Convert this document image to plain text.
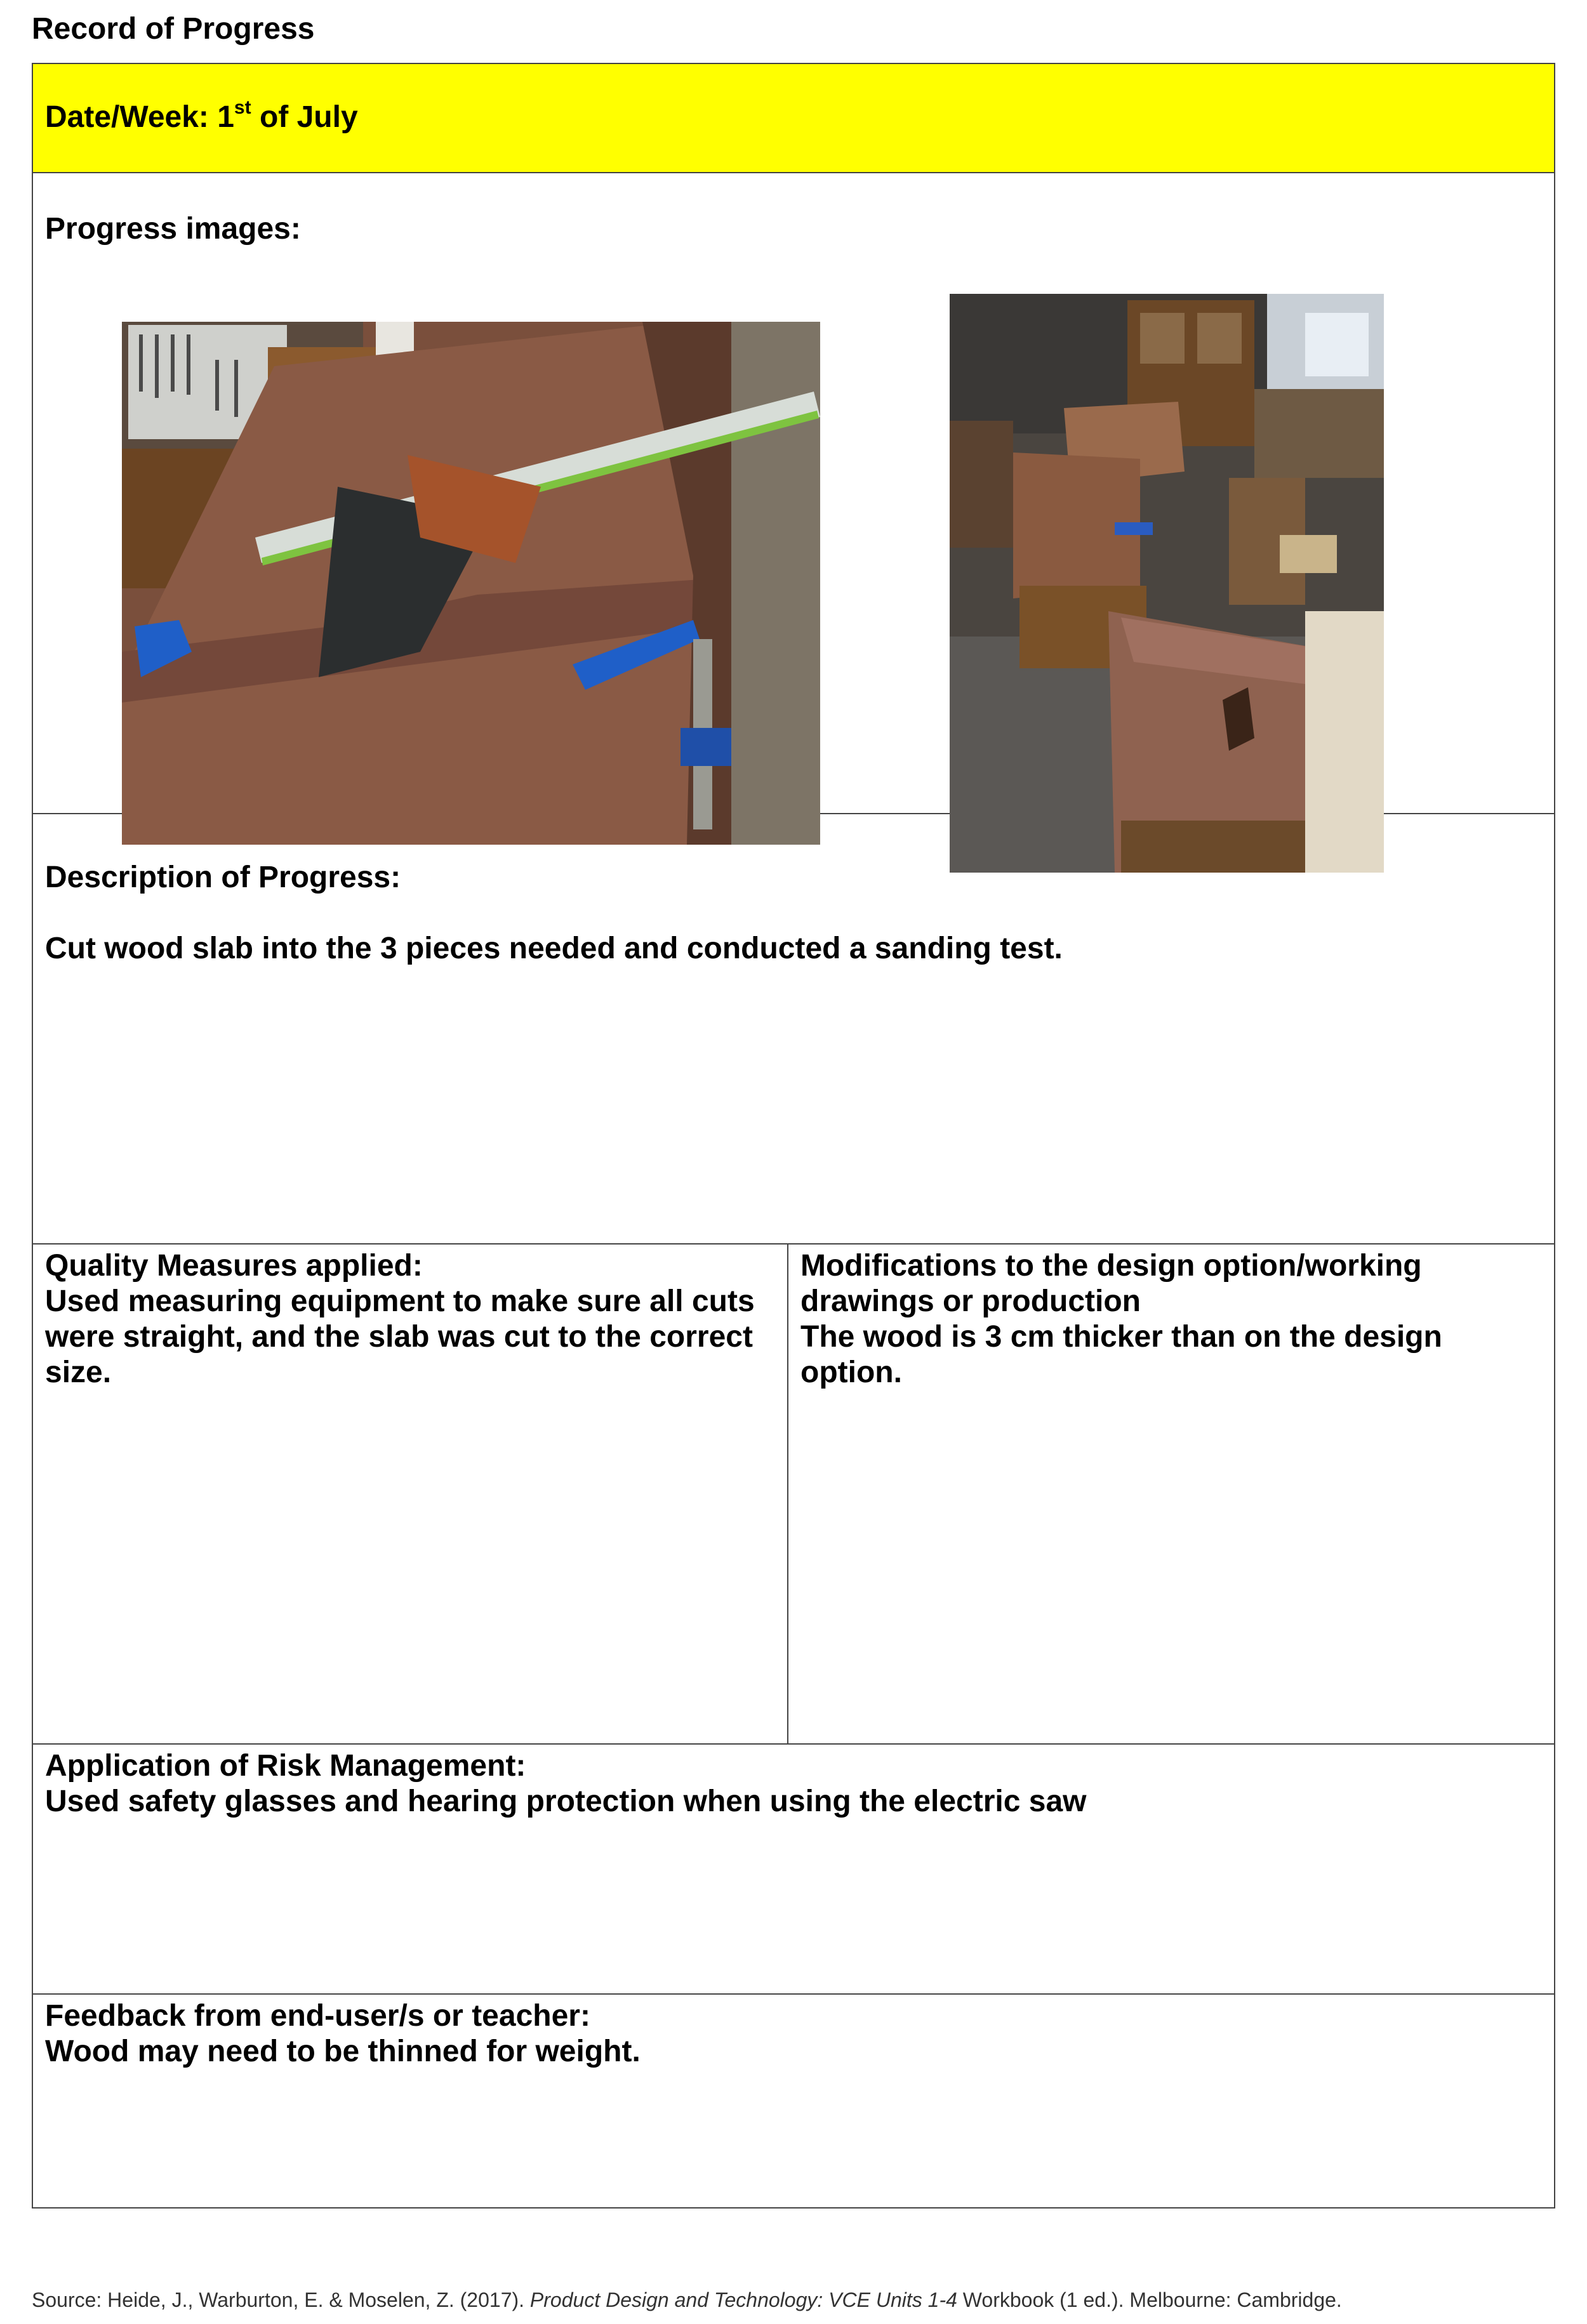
Record of Progress
Date/Week: 1st of July
Progress images:
Description of Progress:
Cut wood slab into the 3 pieces needed and conducted a sanding test.
Quality Measures applied:
Used measuring equipment to make sure all cuts were straight, and the slab was cut to the correct size.
Modifications to the design option/working drawings or production
The wood is 3 cm thicker than on the design option.
Application of Risk Management:
Used safety glasses and hearing protection when using the electric saw
Feedback from end-user/s or teacher:
Wood may need to be thinned for weight.
Source: Heide, J., Warburton, E. & Moselen, Z. (2017). Product Design and Technology: VCE Units 1-4 Workbook (1 ed.). Melbourne: Cambridge.
